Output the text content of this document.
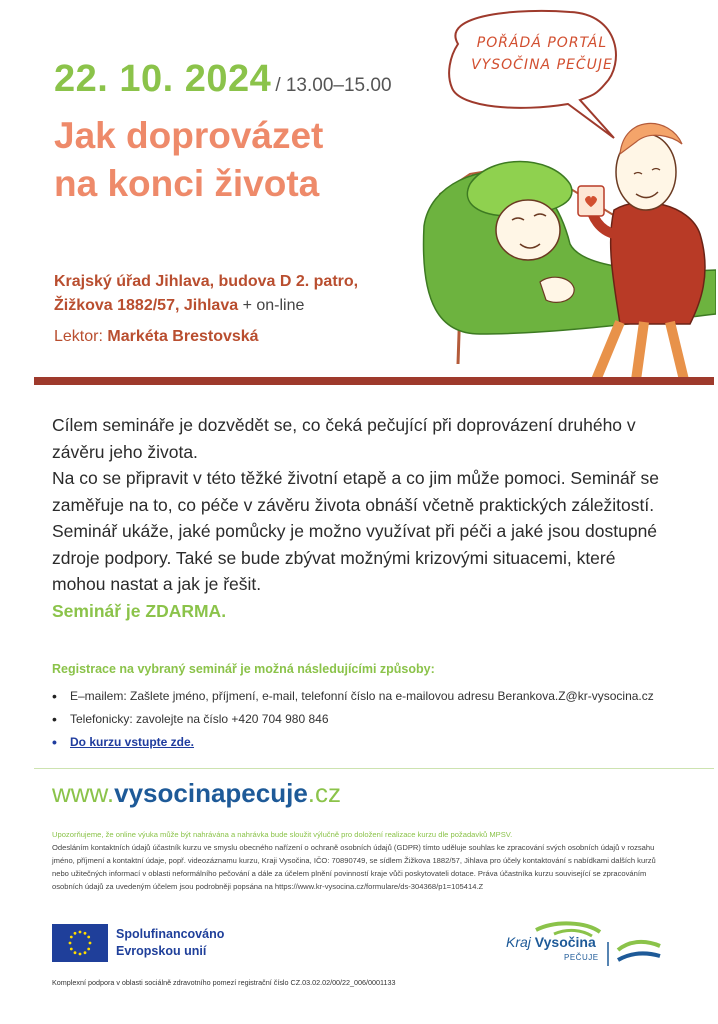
POŘÁDÁ PORTÁL
VYSOČINA PEČUJE
22. 10. 2024 / 13.00–15.00
Jak doprovázet
na konci života
Krajský úřad Jihlava, budova D 2. patro,
Žižkova 1882/57, Jihlava + on-line
Lektor: Markéta Brestovská

Cílem semináře je dozvědět se, co čeká pečující při doprovázení druhého v závěru jeho života.

Na co se připravit v této těžké životní etapě a co jim může pomoci. Seminář se zaměřuje na to, co péče v závěru života obnáší včetně praktických záležitostí. Seminář ukáže, jaké pomůcky je možno využívat při péči a jaké jsou dostupné zdroje podpory. Také se bude zbývat možnými krizovými situacemi, které mohou nastat a jak je řešit.

Seminář je ZDARMA.

Registrace na vybraný seminář je možná následujícími způsoby:
• E–mailem: Zašlete jméno, příjmení, e-mail, telefonní číslo na e-mailovou adresu Berankova.Z@kr-vysocina.cz
• Telefonicky: zavolejte na číslo +420 704 980 846
• Do kurzu vstupte zde.
www.vysocinapecuje.cz

Upozorňujeme, že online výuka může být nahrávána a nahrávka bude sloužit výlučně pro doložení realizace kurzu dle požadavků MPSV.

Odesláním kontaktních údajů účastník kurzu ve smyslu obecného nařízení o ochraně osobních údajů (GDPR) tímto uděluje souhlas ke zpracování svých osobních údajů v rozsahu jméno, příjmení a kontaktní údaje, popř. videozáznamu kurzu, Kraji Vysočina, IČO: 70890749, se sídlem Žižkova 1882/57, Jihlava pro účely kontaktování s nabídkami dalších kurzů nebo užitečných informací v oblasti neformálního pečování a dále za účelem plnění povinností kraje vůči poskytovateli dotace. Práva účastníka kurzu související se zpracováním osobních údajů za uvedeným účelem jsou podrobněji popsána na https://www.kr-vysocina.cz/formulare/ds-304368/p1=105414.Z

Spolufinancováno
Evropskou unií
Kraj Vysočina
PEČUJE
Komplexní podpora v oblasti sociálně zdravotního pomezí registrační číslo CZ.03.02.02/00/22_006/0001133
